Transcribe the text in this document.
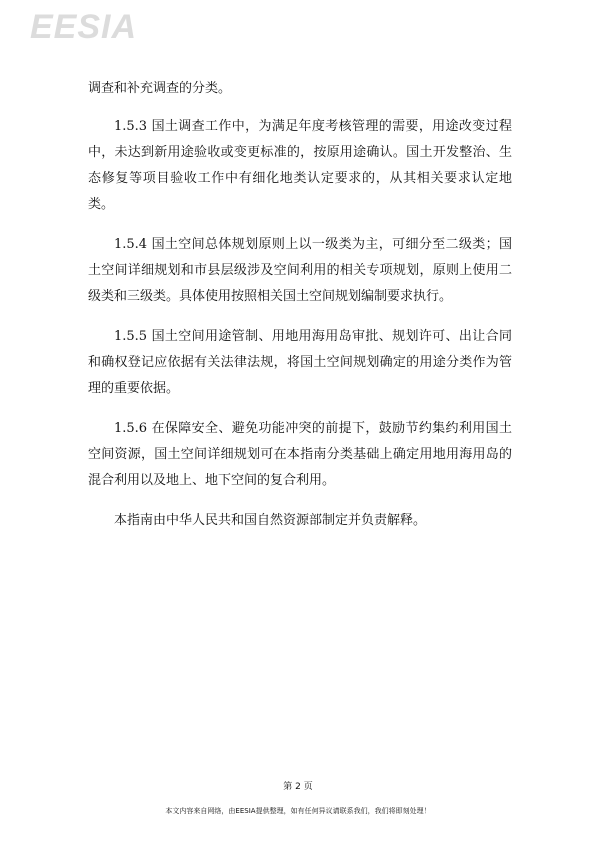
EESIA

调查和补充调查的分类。

1.5.3 国土调查工作中，为满足年度考核管理的需要，用途改变过程中，未达到新用途验收或变更标准的，按原用途确认。国土开发整治、生态修复等项目验收工作中有细化地类认定要求的，从其相关要求认定地类。

1.5.4 国土空间总体规划原则上以一级类为主，可细分至二级类；国土空间详细规划和市县层级涉及空间利用的相关专项规划，原则上使用二级类和三级类。具体使用按照相关国土空间规划编制要求执行。

1.5.5 国土空间用途管制、用地用海用岛审批、规划许可、出让合同和确权登记应依据有关法律法规，将国土空间规划确定的用途分类作为管理的重要依据。

1.5.6 在保障安全、避免功能冲突的前提下，鼓励节约集约利用国土空间资源，国土空间详细规划可在本指南分类基础上确定用地用海用岛的混合利用以及地上、地下空间的复合利用。

本指南由中华人民共和国自然资源部制定并负责解释。

第 2 页
本文内容来自网络，由EESIA提供整理，如有任何异议请联系我们，我们将即刻处理！
